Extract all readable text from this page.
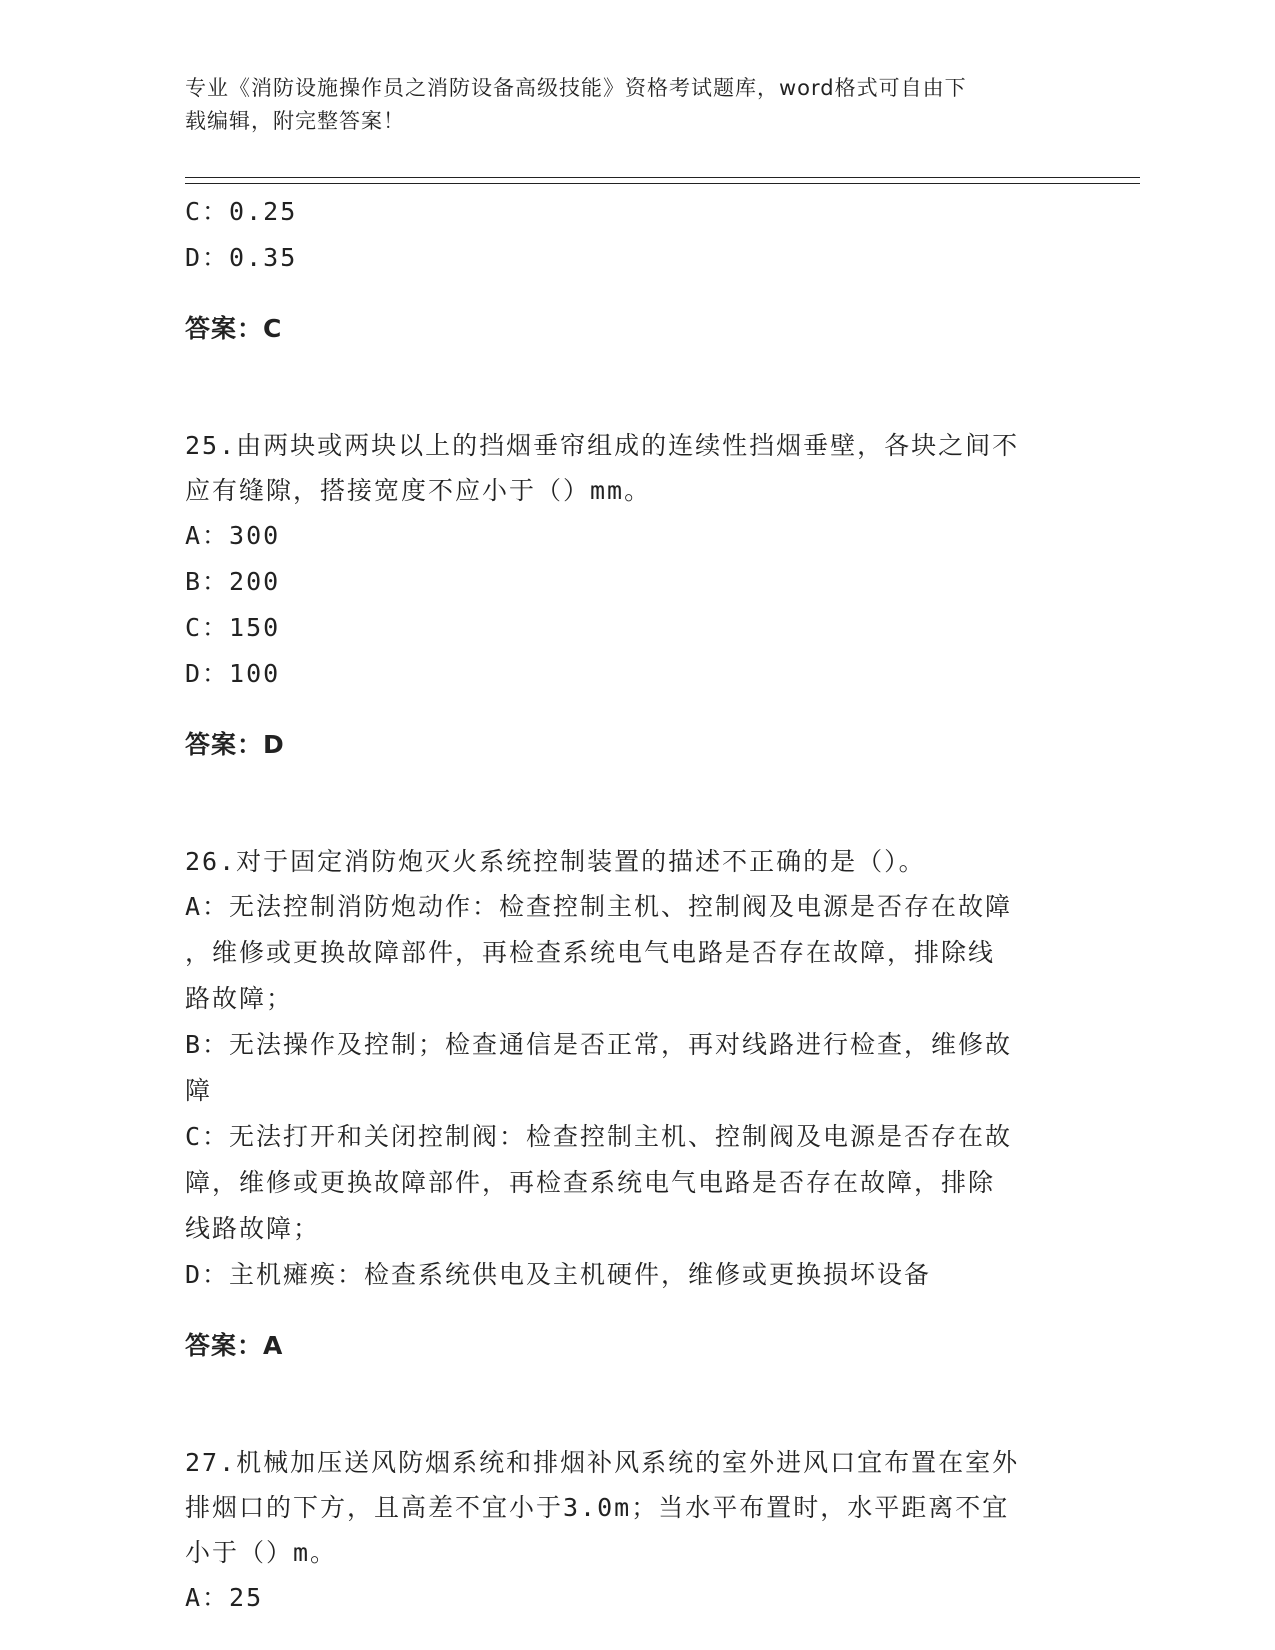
专业《消防设施操作员之消防设备高级技能》资格考试题库，word格式可自由下
载编辑，附完整答案！

C：0.25

D：0.35

答案：C

25.由两块或两块以上的挡烟垂帘组成的连续性挡烟垂壁，各块之间不

应有缝隙，搭接宽度不应小于（）mm。

A：300

B：200

C：150

D：100

答案：D

26.对于固定消防炮灭火系统控制装置的描述不正确的是（）。

A：无法控制消防炮动作：检查控制主机、控制阀及电源是否存在故障

，维修或更换故障部件，再检查系统电气电路是否存在故障，排除线

路故障；

B：无法操作及控制；检查通信是否正常，再对线路进行检查，维修故

障

C：无法打开和关闭控制阀：检查控制主机、控制阀及电源是否存在故

障，维修或更换故障部件，再检查系统电气电路是否存在故障，排除

线路故障；

D：主机瘫痪：检查系统供电及主机硬件，维修或更换损坏设备

答案：A

27.机械加压送风防烟系统和排烟补风系统的室外进风口宜布置在室外

排烟口的下方，且高差不宜小于3.0m；当水平布置时，水平距离不宜

小于（）m。

A：25
